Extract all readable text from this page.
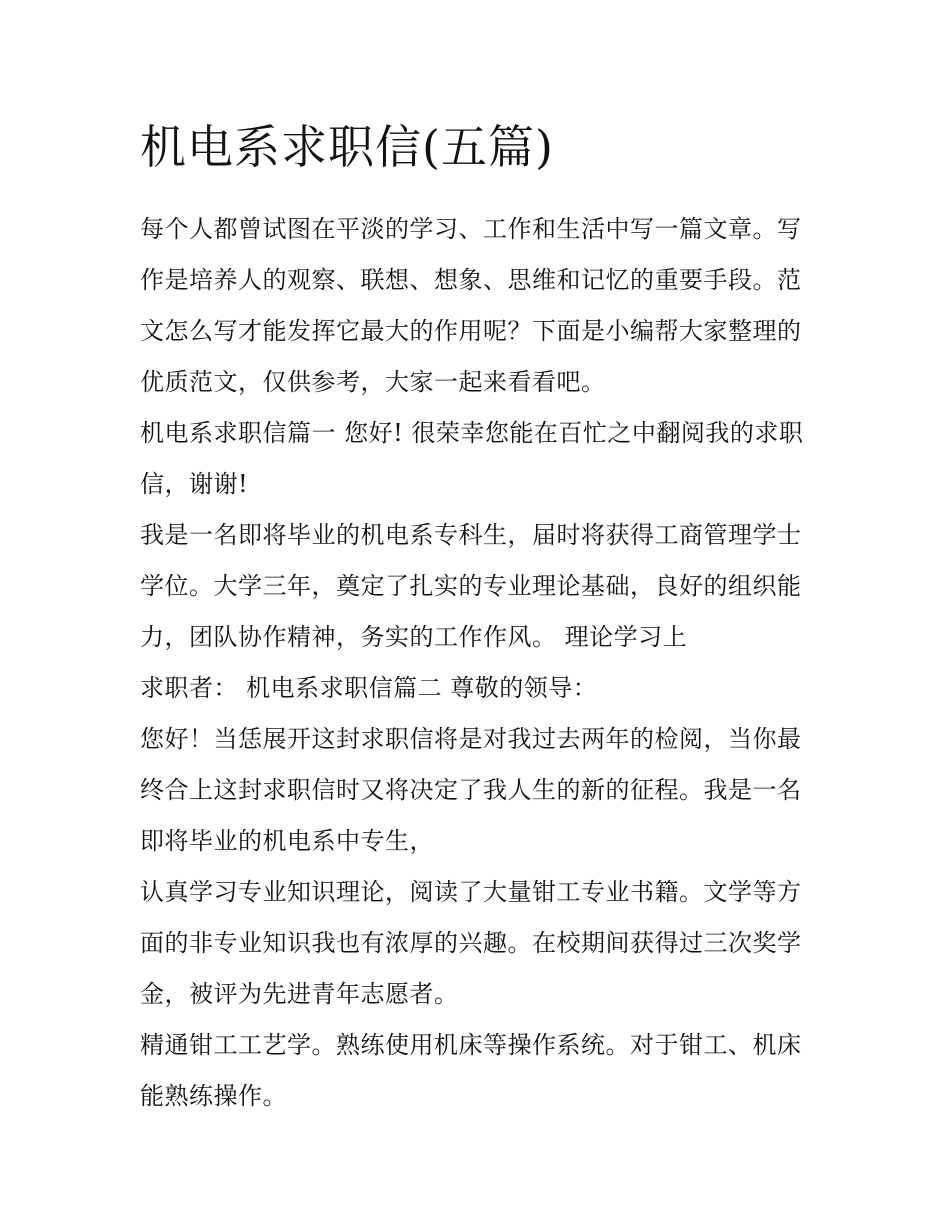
机电系求职信(五篇)

每个人都曾试图在平淡的学习、工作和生活中写一篇文章。写作是培养人的观察、联想、想象、思维和记忆的重要手段。范文怎么写才能发挥它最大的作用呢？下面是小编帮大家整理的优质范文，仅供参考，大家一起来看看吧。

机电系求职信篇一 您好! 很荣幸您能在百忙之中翻阅我的求职信，谢谢!

我是一名即将毕业的机电系专科生，届时将获得工商管理学士学位。大学三年，奠定了扎实的专业理论基础，良好的组织能力，团队协作精神，务实的工作作风。 理论学习上

求职者： 机电系求职信篇二 尊敬的领导：

您好！当恁展开这封求职信将是对我过去两年的检阅，当你最终合上这封求职信时又将决定了我人生的新的征程。我是一名即将毕业的机电系中专生，

认真学习专业知识理论，阅读了大量钳工专业书籍。文学等方面的非专业知识我也有浓厚的兴趣。在校期间获得过三次奖学金，被评为先进青年志愿者。

精通钳工工艺学。熟练使用机床等操作系统。对于钳工、机床能熟练操作。
